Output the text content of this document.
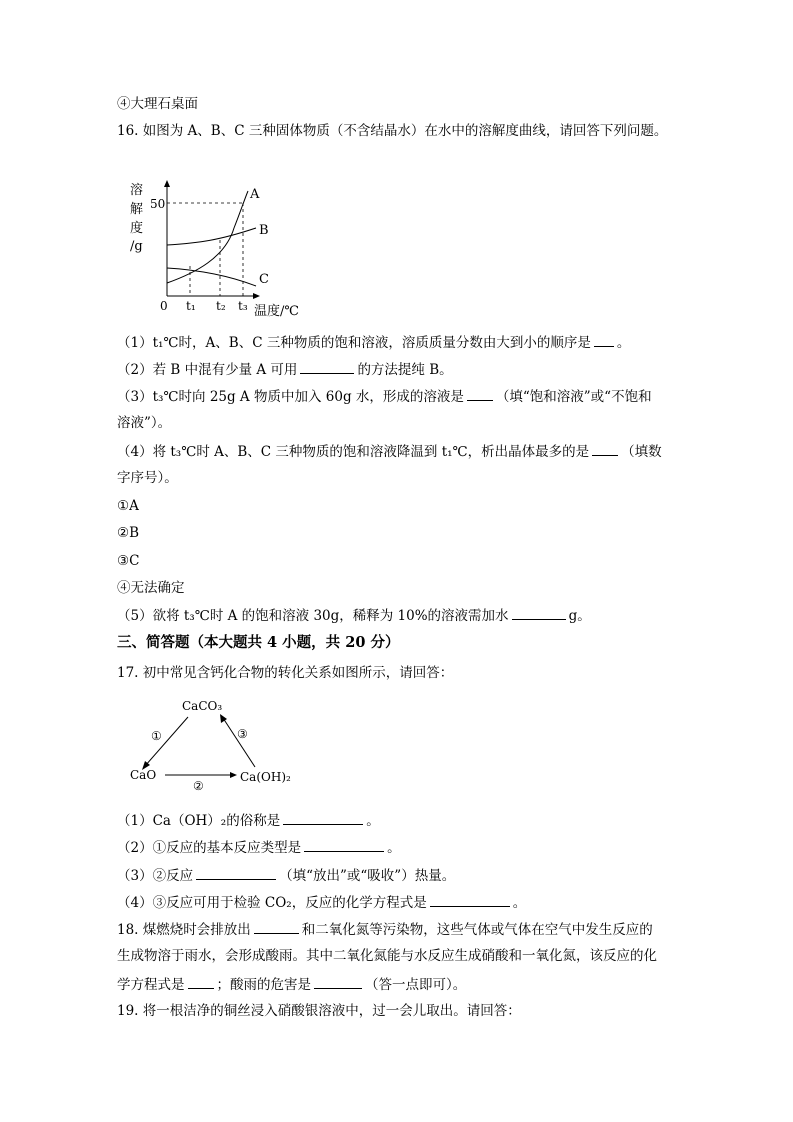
④大理石桌面
16. 如图为 A、B、C 三种固体物质（不含结晶水）在水中的溶解度曲线，请回答下列问题。
溶
解
度
/g
50
0 t₁ t₂ t₃ 温度/℃
A
B
C
（1）t₁℃时，A、B、C 三种物质的饱和溶液，溶质质量分数由大到小的顺序是 。
（2）若 B 中混有少量 A 可用	的方法提纯 B。
（3）t₃℃时向 25g A 物质中加入 60g 水，形成的溶液是 （填“饱和溶液”或“不饱和
溶液”）。
（4）将 t₃℃时 A、B、C 三种物质的饱和溶液降温到 t₁℃，析出晶体最多的是 （填数
字序号）。
①A
②B
③C
④无法确定
（5）欲将 t₃℃时 A 的饱和溶液 30g，稀释为 10%的溶液需加水	g。
三、简答题（本大题共 4 小题，共 20 分）
17. 初中常见含钙化合物的转化关系如图所示，请回答：
CaCO₃
CaO	Ca(OH)₂
①
②
③
（1）Ca（OH）₂的俗称是	。
（2）①反应的基本反应类型是	。
（3）②反应	（填“放出”或“吸收”）热量。
（4）③反应可用于检验 CO₂，反应的化学方程式是	。
18. 煤燃烧时会排放出	和二氧化氮等污染物，这些气体或气体在空气中发生反应的
生成物溶于雨水，会形成酸雨。其中二氧化氮能与水反应生成硝酸和一氧化氮，该反应的化
学方程式是 ；酸雨的危害是	（答一点即可）。
19. 将一根洁净的铜丝浸入硝酸银溶液中，过一会儿取出。请回答：
